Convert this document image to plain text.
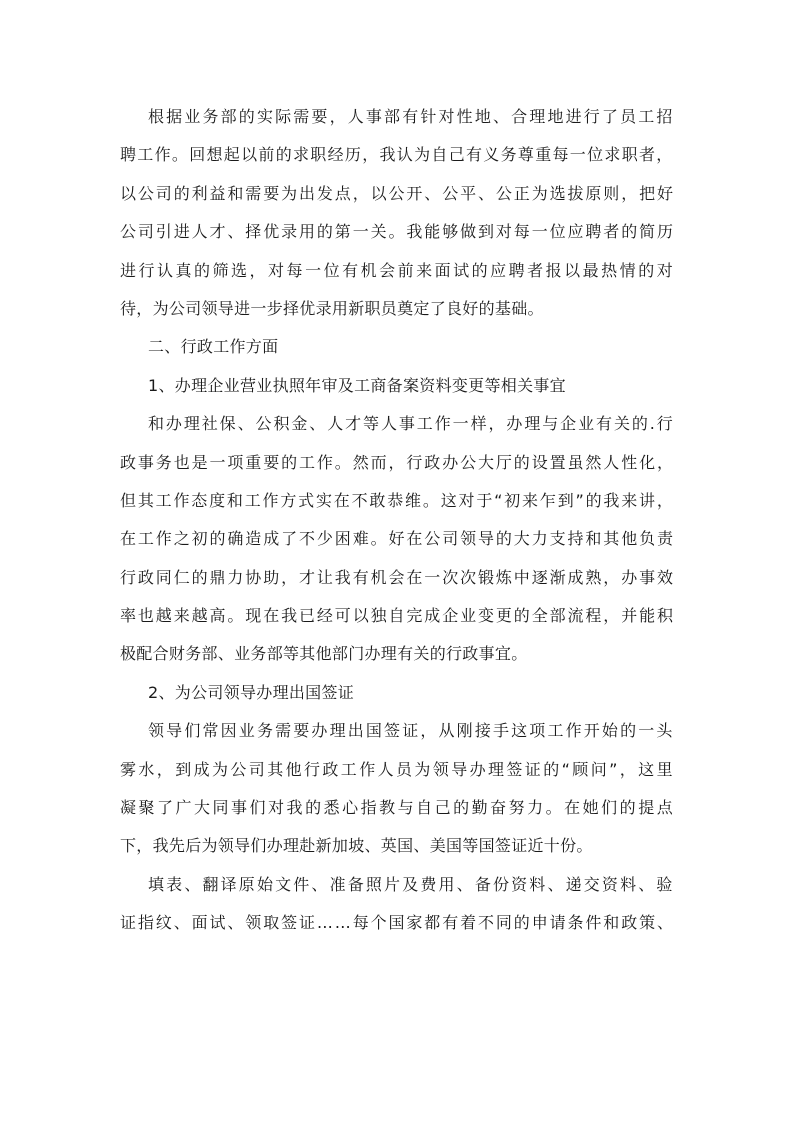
根据业务部的实际需要，人事部有针对性地、合理地进行了员工招
聘工作。回想起以前的求职经历，我认为自己有义务尊重每一位求职者，
以公司的利益和需要为出发点，以公开、公平、公正为选拔原则，把好
公司引进人才、择优录用的第一关。我能够做到对每一位应聘者的简历
进行认真的筛选，对每一位有机会前来面试的应聘者报以最热情的对
待，为公司领导进一步择优录用新职员奠定了良好的基础。
二、行政工作方面
1、办理企业营业执照年审及工商备案资料变更等相关事宜
和办理社保、公积金、人才等人事工作一样，办理与企业有关的.行
政事务也是一项重要的工作。然而，行政办公大厅的设置虽然人性化，
但其工作态度和工作方式实在不敢恭维。这对于“初来乍到”的我来讲，
在工作之初的确造成了不少困难。好在公司领导的大力支持和其他负责
行政同仁的鼎力协助，才让我有机会在一次次锻炼中逐渐成熟，办事效
率也越来越高。现在我已经可以独自完成企业变更的全部流程，并能积
极配合财务部、业务部等其他部门办理有关的行政事宜。
2、为公司领导办理出国签证
领导们常因业务需要办理出国签证，从刚接手这项工作开始的一头
雾水，到成为公司其他行政工作人员为领导办理签证的“顾问”，这里
凝聚了广大同事们对我的悉心指教与自己的勤奋努力。在她们的提点
下，我先后为领导们办理赴新加坡、英国、美国等国签证近十份。
填表、翻译原始文件、准备照片及费用、备份资料、递交资料、验
证指纹、面试、领取签证……每个国家都有着不同的申请条件和政策、
